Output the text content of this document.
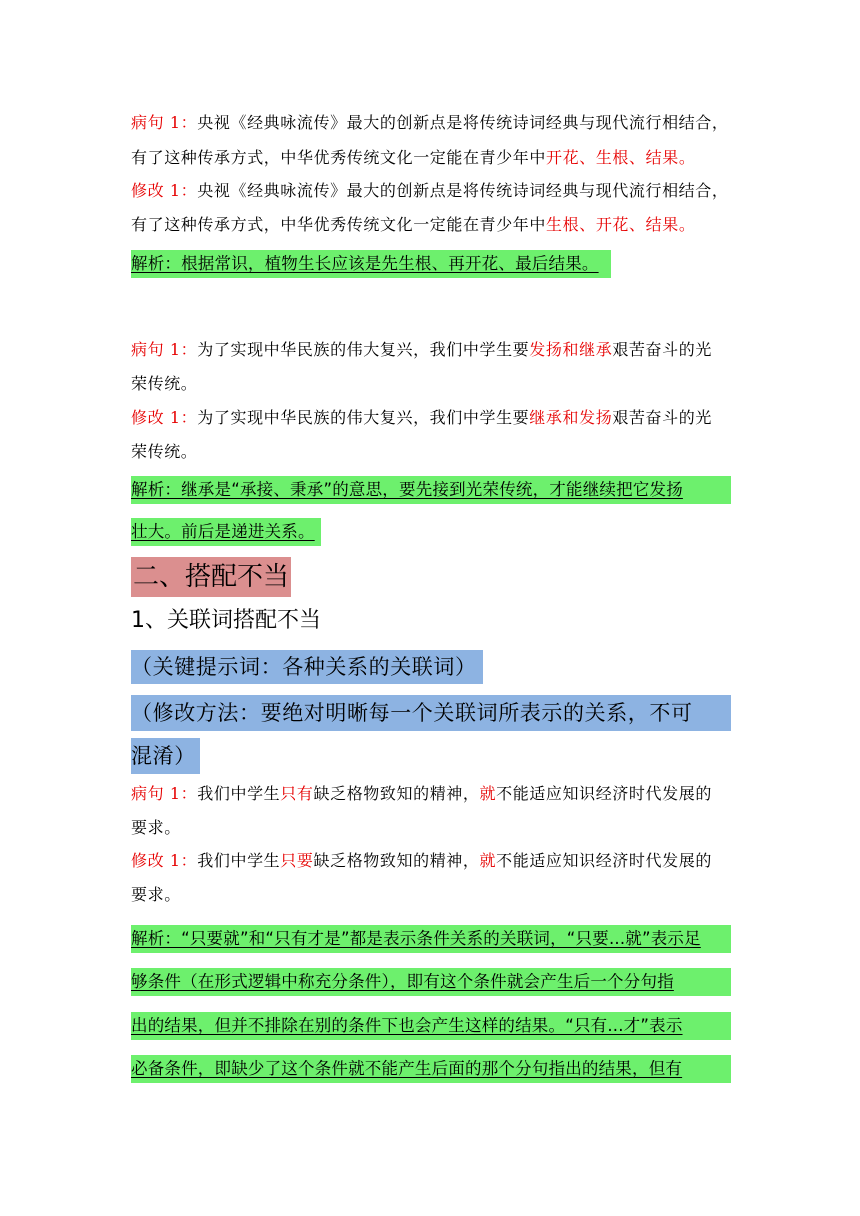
病句 1：央视《经典咏流传》最大的创新点是将传统诗词经典与现代流行相结合，
有了这种传承方式，中华优秀传统文化一定能在青少年中开花、生根、结果。
修改 1：央视《经典咏流传》最大的创新点是将传统诗词经典与现代流行相结合，
有了这种传承方式，中华优秀传统文化一定能在青少年中生根、开花、结果。
解析：根据常识，植物生长应该是先生根、再开花、最后结果。
病句 1：为了实现中华民族的伟大复兴，我们中学生要发扬和继承艰苦奋斗的光
荣传统。
修改 1：为了实现中华民族的伟大复兴，我们中学生要继承和发扬艰苦奋斗的光
荣传统。
解析：继承是“承接、秉承”的意思，要先接到光荣传统，才能继续把它发扬
壮大。前后是递进关系。
二、搭配不当
1、关联词搭配不当
（关键提示词：各种关系的关联词）
（修改方法：要绝对明晰每一个关联词所表示的关系，不可
混淆）
病句 1：我们中学生只有缺乏格物致知的精神，就不能适应知识经济时代发展的
要求。
修改 1：我们中学生只要缺乏格物致知的精神，就不能适应知识经济时代发展的
要求。
解析：“只要就”和“只有才是”都是表示条件关系的关联词，“只要...就”表示足
够条件（在形式逻辑中称充分条件），即有这个条件就会产生后一个分句指
出的结果，但并不排除在别的条件下也会产生这样的结果。“只有...才”表示
必备条件，即缺少了这个条件就不能产生后面的那个分句指出的结果，但有
